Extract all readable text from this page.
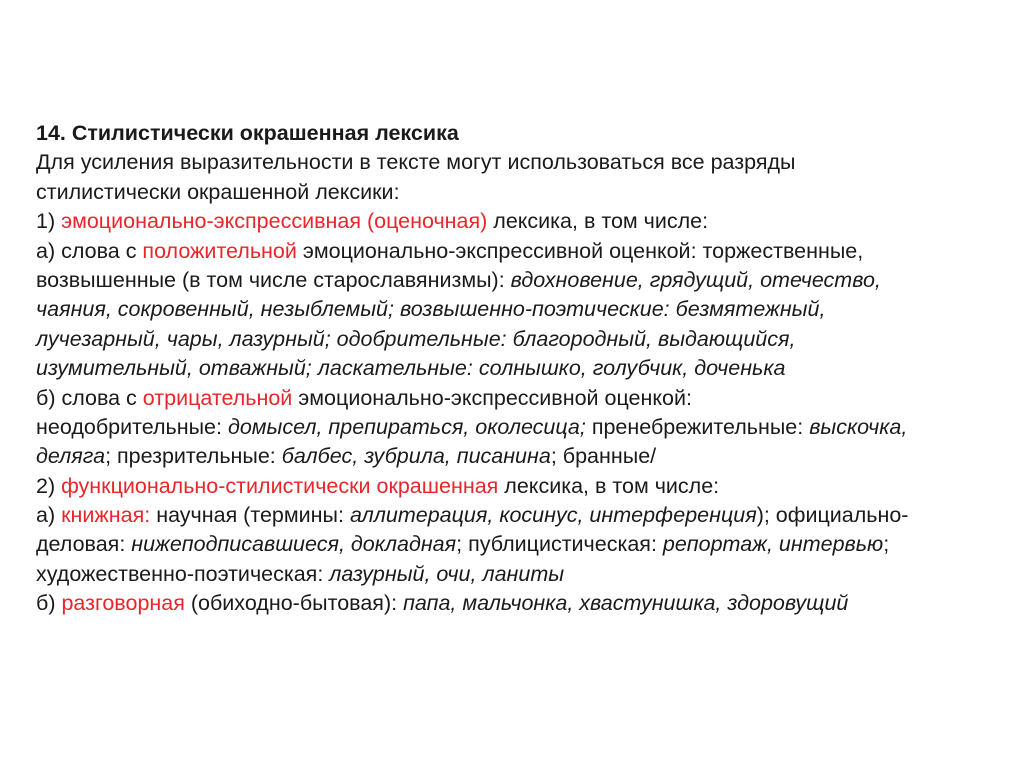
14. Стилистически окрашенная лексика
Для усиления выразительности в тексте могут использоваться все разряды
стилистически окрашенной лексики:
1) эмоционально-экспрессивная (оценочная) лексика, в том числе:
а) слова с положительной эмоционально-экспрессивной оценкой: торжественные,
возвышенные (в том числе старославянизмы): вдохновение, грядущий, отечество,
чаяния, сокровенный, незыблемый; возвышенно-поэтические: безмятежный,
лучезарный, чары, лазурный; одобрительные: благородный, выдающийся,
изумительный, отважный; ласкательные: солнышко, голубчик, доченька
б) слова с отрицательной эмоционально-экспрессивной оценкой:
неодобрительные: домысел, препираться, околесица; пренебрежительные: выскочка,
деляга; презрительные: балбес, зубрила, писанина; бранные/
2) функционально-стилистически окрашенная лексика, в том числе:
а) книжная: научная (термины: аллитерация, косинус, интерференция); официально-
деловая: нижеподписавшиеся, докладная; публицистическая: репортаж, интервью;
художественно-поэтическая: лазурный, очи, ланиты
б) разговорная (обиходно-бытовая): папа, мальчонка, хвастунишка, здоровущий
